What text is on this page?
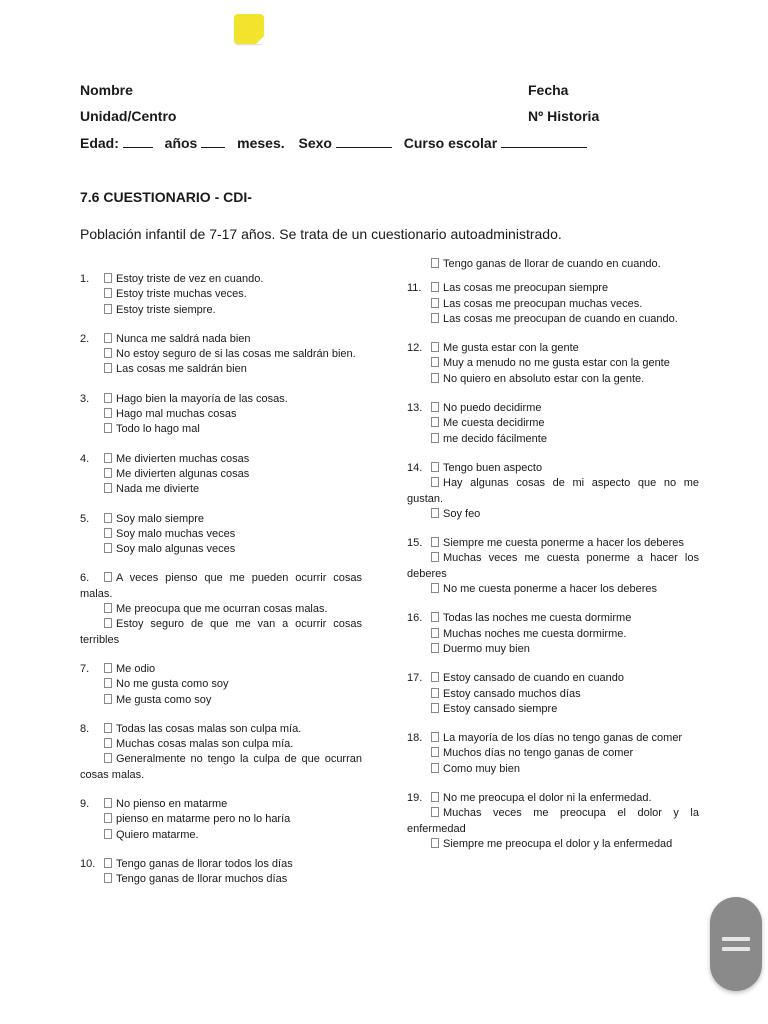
Nombre	Fecha
Unidad/Centro	Nº Historia
Edad:	años	meses. Sexo	Curso escolar
7.6 CUESTIONARIO - CDI-
Población infantil de 7-17 años. Se trata de un cuestionario autoadministrado.
1. Estoy triste de vez en cuando.
Estoy triste muchas veces.
Estoy triste siempre.
2. Nunca me saldrá nada bien
No estoy seguro de si las cosas me saldrán bien.
Las cosas me saldrán bien
3. Hago bien la mayoría de las cosas.
Hago mal muchas cosas
Todo lo hago mal
4. Me divierten muchas cosas
Me divierten algunas cosas
Nada me divierte
5. Soy malo siempre
Soy malo muchas veces
Soy malo algunas veces
6. A veces pienso que me pueden ocurrir cosas malas.
Me preocupa que me ocurran cosas malas.
Estoy seguro de que me van a ocurrir cosas terribles
7. Me odio
No me gusta como soy
Me gusta como soy
8. Todas las cosas malas son culpa mía.
Muchas cosas malas son culpa mía.
Generalmente no tengo la culpa de que ocurran cosas malas.
9. No pienso en matarme
pienso en matarme pero no lo haría
Quiero matarme.
10. Tengo ganas de llorar todos los días
Tengo ganas de llorar muchos días
Tengo ganas de llorar de cuando en cuando.
11. Las cosas me preocupan siempre
Las cosas me preocupan muchas veces.
Las cosas me preocupan de cuando en cuando.
12. Me gusta estar con la gente
Muy a menudo no me gusta estar con la gente
No quiero en absoluto estar con la gente.
13. No puedo decidirme
Me cuesta decidirme
me decido fácilmente
14. Tengo buen aspecto
Hay algunas cosas de mi aspecto que no me gustan.
Soy feo
15. Siempre me cuesta ponerme a hacer los deberes
Muchas veces me cuesta ponerme a hacer los deberes
No me cuesta ponerme a hacer los deberes
16. Todas las noches me cuesta dormirme
Muchas noches me cuesta dormirme.
Duermo muy bien
17. Estoy cansado de cuando en cuando
Estoy cansado muchos días
Estoy cansado siempre
18. La mayoría de los días no tengo ganas de comer
Muchos días no tengo ganas de comer
Como muy bien
19. No me preocupa el dolor ni la enfermedad.
Muchas veces me preocupa el dolor y la enfermedad
Siempre me preocupa el dolor y la enfermedad
